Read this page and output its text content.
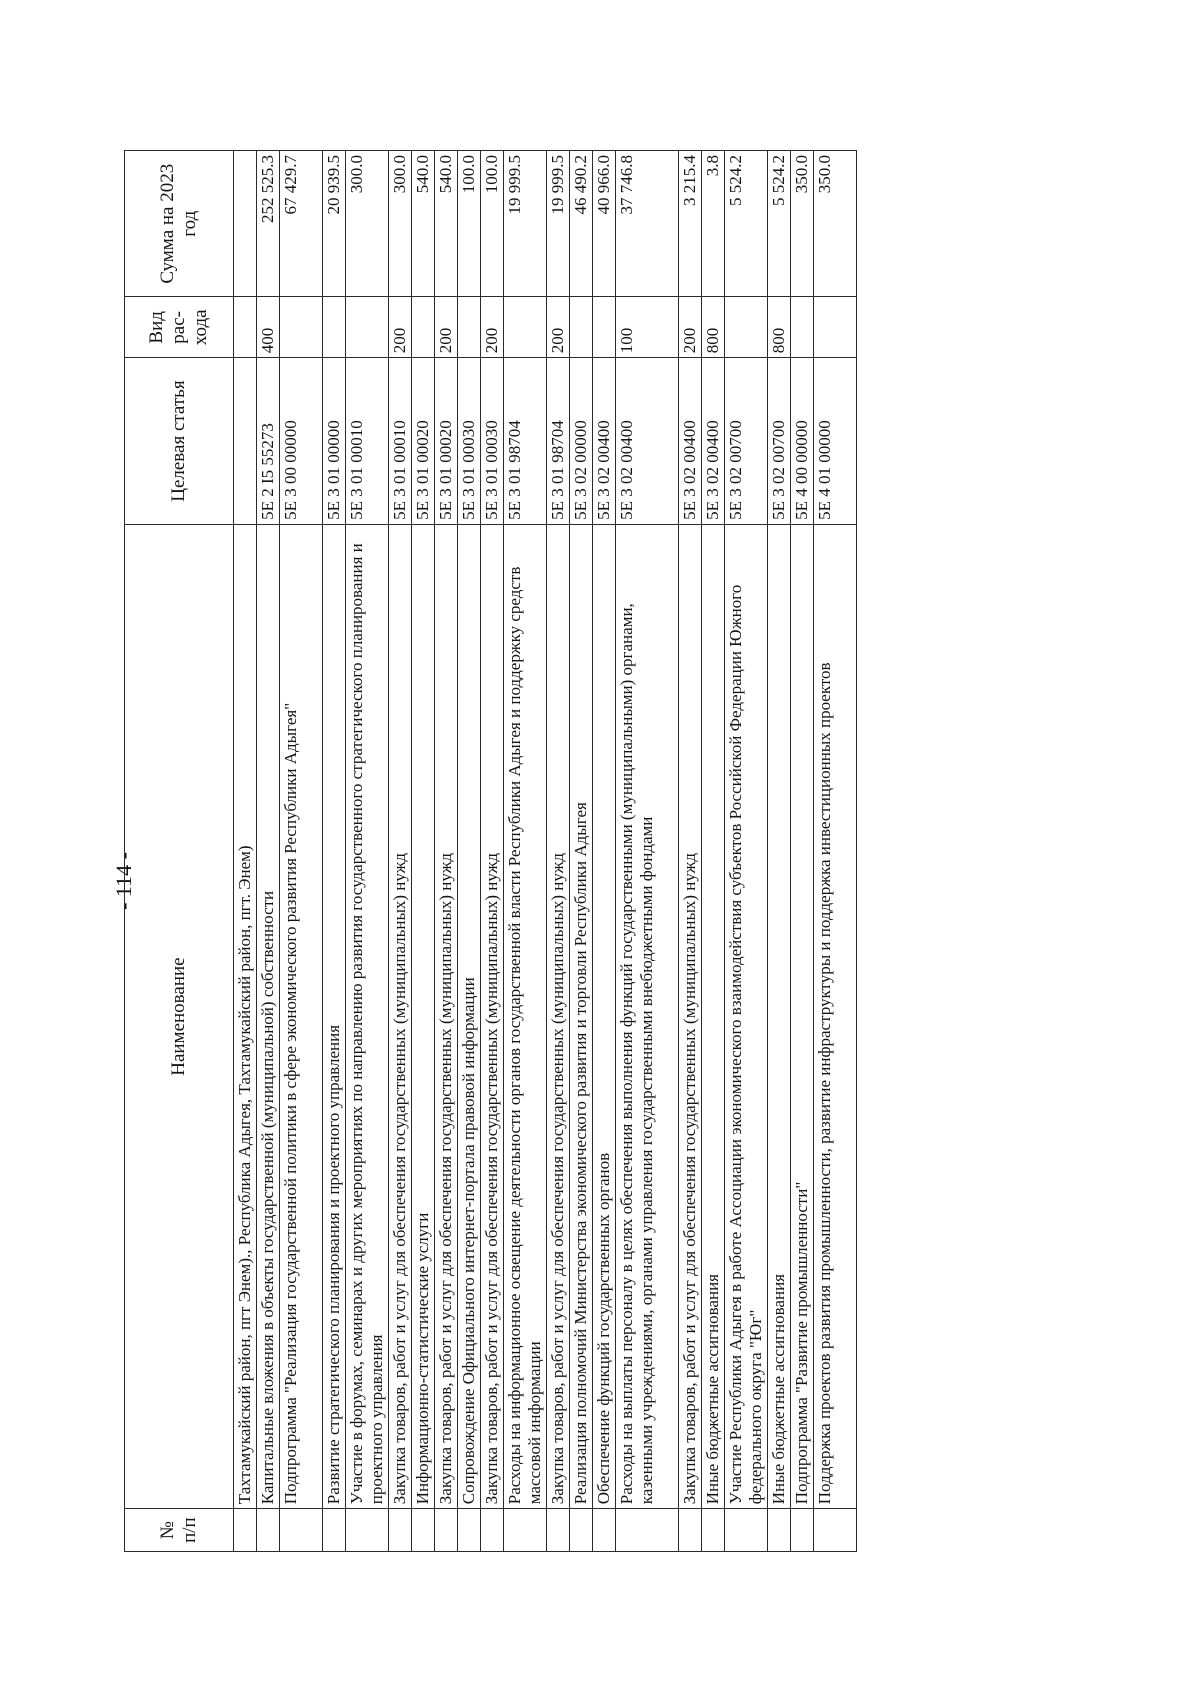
- 114 -
№ п/п	Наименование	Целевая статья	Вид рас-хода	Сумма на 2023 год
	Тахтамукайский район, пгт Энем)., Республика Адыгея, Тахтамукайский район, пгт. Энем)			
	Капитальные вложения в объекты государственной (муниципальной) собственности	5Е 2 I5 55273	400	252 525.3
	Подпрограмма "Реализация государственной политики в сфере экономического развития Республики Адыгея"	5Е 3 00 00000		67 429.7
	Развитие стратегического планирования и проектного управления	5Е 3 01 00000		20 939.5
	Участие в форумах, семинарах и других мероприятиях по направлению развития государственного стратегического планирования и проектного управления	5Е 3 01 00010		300.0
	Закупка товаров, работ и услуг для обеспечения государственных (муниципальных) нужд	5Е 3 01 00010	200	300.0
	Информационно-статистические услуги	5Е 3 01 00020		540.0
	Закупка товаров, работ и услуг для обеспечения государственных (муниципальных) нужд	5Е 3 01 00020	200	540.0
	Сопровождение Официального интернет-портала правовой информации	5Е 3 01 00030		100.0
	Закупка товаров, работ и услуг для обеспечения государственных (муниципальных) нужд	5Е 3 01 00030	200	100.0
	Расходы на информационное освещение деятельности органов государственной власти Республики Адыгея и поддержку средств массовой информации	5Е 3 01 98704		19 999.5
	Закупка товаров, работ и услуг для обеспечения государственных (муниципальных) нужд	5Е 3 01 98704	200	19 999.5
	Реализация полномочий Министерства экономического развития и торговли Республики Адыгея	5Е 3 02 00000		46 490.2
	Обеспечение функций государственных органов	5Е 3 02 00400		40 966.0
	Расходы на выплаты персоналу в целях обеспечения выполнения функций государственными (муниципальными) органами, казенными учреждениями, органами управления государственными внебюджетными фондами	5Е 3 02 00400	100	37 746.8
	Закупка товаров, работ и услуг для обеспечения государственных (муниципальных) нужд	5Е 3 02 00400	200	3 215.4
	Иные бюджетные ассигнования	5Е 3 02 00400	800	3.8
	Участие Республики Адыгея в работе Ассоциации экономического взаимодействия субъектов Российской Федерации Южного федерального округа "Юг"	5Е 3 02 00700		5 524.2
	Иные бюджетные ассигнования	5Е 3 02 00700	800	5 524.2
	Подпрограмма "Развитие промышленности"	5Е 4 00 00000		350.0
	Поддержка проектов развития промышленности, развитие инфраструктуры и поддержка инвестиционных проектов	5Е 4 01 00000		350.0
